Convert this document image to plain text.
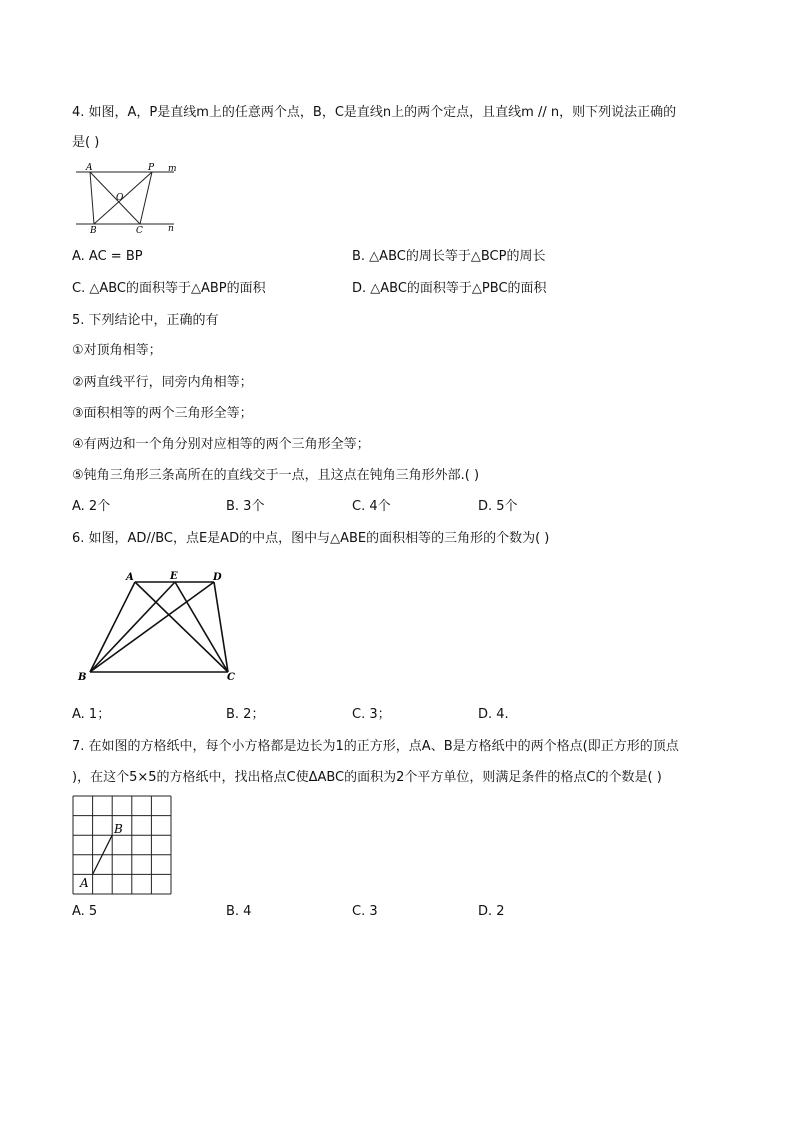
4. 如图，A，P是直线m上的任意两个点，B，C是直线n上的两个定点，且直线m // n，则下列说法正确的
是( )
A	P m
O
B	C	n
A. AC = BP	B. △ABC的周长等于△BCP的周长
C. △ABC的面积等于△ABP的面积	D. △ABC的面积等于△PBC的面积
5. 下列结论中，正确的有
①对顶角相等；
②两直线平行，同旁内角相等；
③面积相等的两个三角形全等；
④有两边和一个角分别对应相等的两个三角形全等；
⑤钝角三角形三条高所在的直线交于一点，且这点在钝角三角形外部.( )
A. 2个	B. 3个	C. 4个	D. 5个
6. 如图，AD//BC，点E是AD的中点，图中与△ABE的面积相等的三角形的个数为( )
A	E	D
B	C
A. 1；	B. 2；	C. 3；	D. 4.
7. 在如图的方格纸中，每个小方格都是边长为1的正方形，点A、B是方格纸中的两个格点(即正方形的顶点
)，在这个5×5的方格纸中，找出格点C使ΔABC的面积为2个平方单位，则满足条件的格点C的个数是( )
A
B
A. 5	B. 4	C. 3	D. 2
